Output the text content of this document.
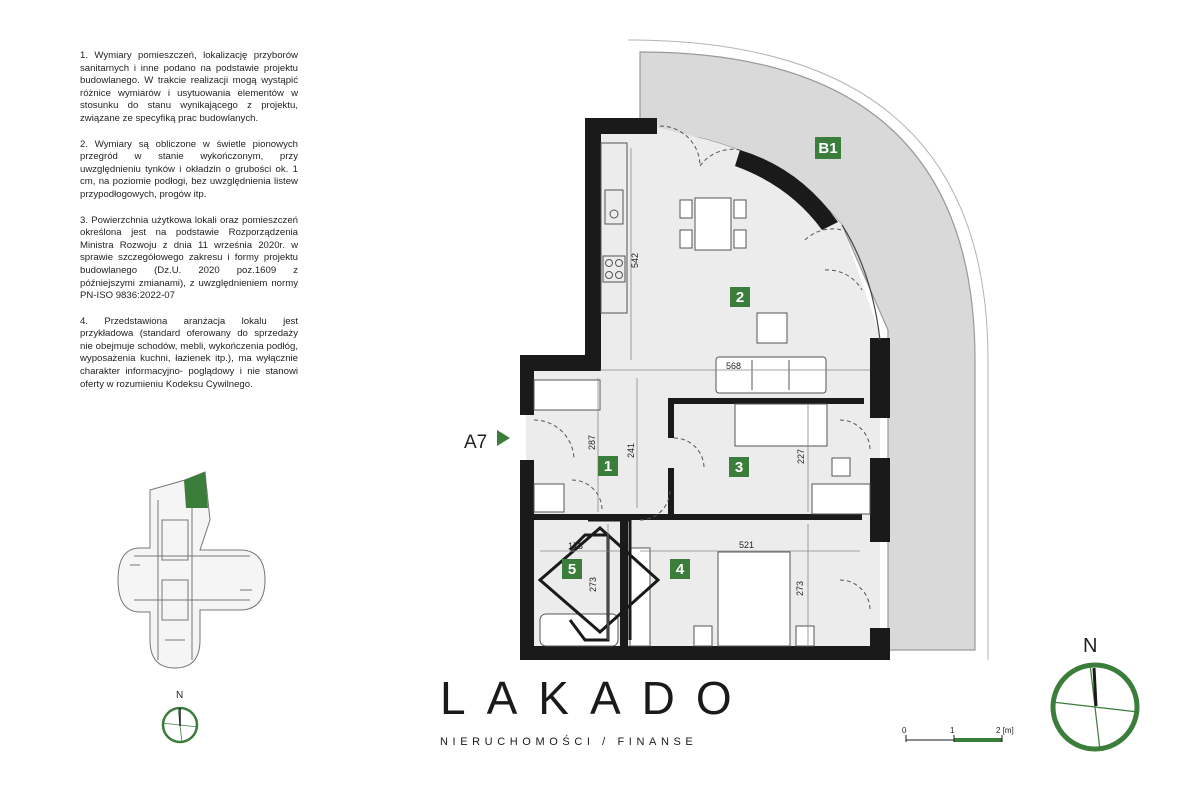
1. Wymiary pomieszczeń, lokalizację przyborów sanitarnych i inne podano na podstawie projektu budowlanego. W trakcie realizacji mogą wystąpić różnice wymiarów i usytuowania elementów w stosunku do stanu wynikającego z projektu, związane ze specyfiką prac budowlanych.

2. Wymiary są obliczone w świetle pionowych przegród w stanie wykończonym, przy uwzględnieniu tynków i okładzin o grubości ok. 1 cm, na poziomie podłogi, bez uwzględnienia listew przypodłogowych, progów itp.

3. Powierzchnia użytkowa lokali oraz pomieszczeń określona jest na podstawie Rozporządzenia Ministra Rozwoju z dnia 11 września 2020r. w sprawie szczegółowego zakresu i formy projektu budowlanego (Dz.U. 2020 poz.1609 z późniejszymi zmianami), z uwzględnieniem normy PN-ISO 9836:2022-07

4. Przedstawiona aranżacja lokalu jest przykładowa (standard oferowany do sprzedaży nie obejmuje schodów, mebli, wykończenia podłóg, wyposażenia kuchni, łazienek itp.), ma wyłącznie charakter informacyjno- poglądowy i nie stanowi oferty w rozumieniu Kodeksu Cywilnego.

542
568
287
241	227
173
273
521
273
2
1	3
4
5
B1
A7
N
N
0	1	2 [m]
LAKADO
NIERUCHOMOŚCI / FINANSE
